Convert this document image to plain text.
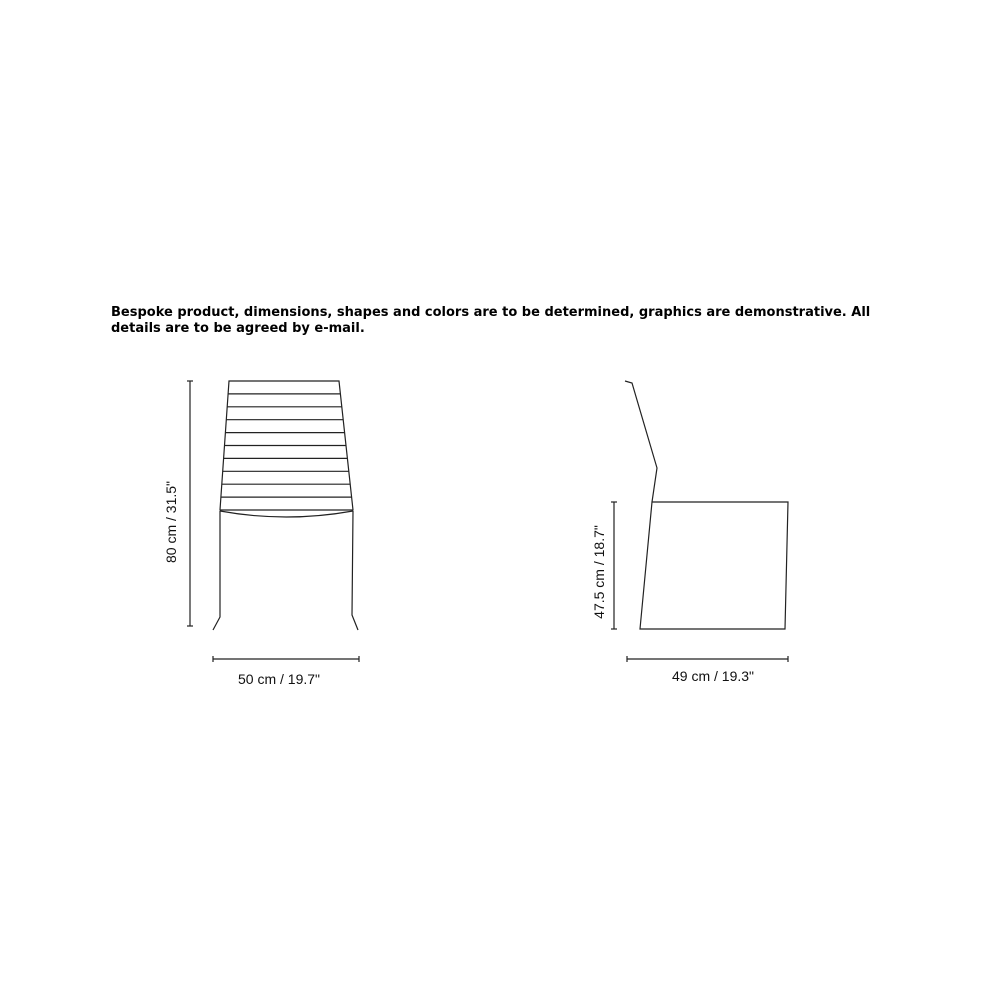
Bespoke product, dimensions, shapes and colors are to be determined, graphics are demonstrative. All details are to be agreed by e-mail.

80 cm / 31.5"
50 cm / 19.7"
47.5 cm / 18.7"
49 cm / 19.3"
